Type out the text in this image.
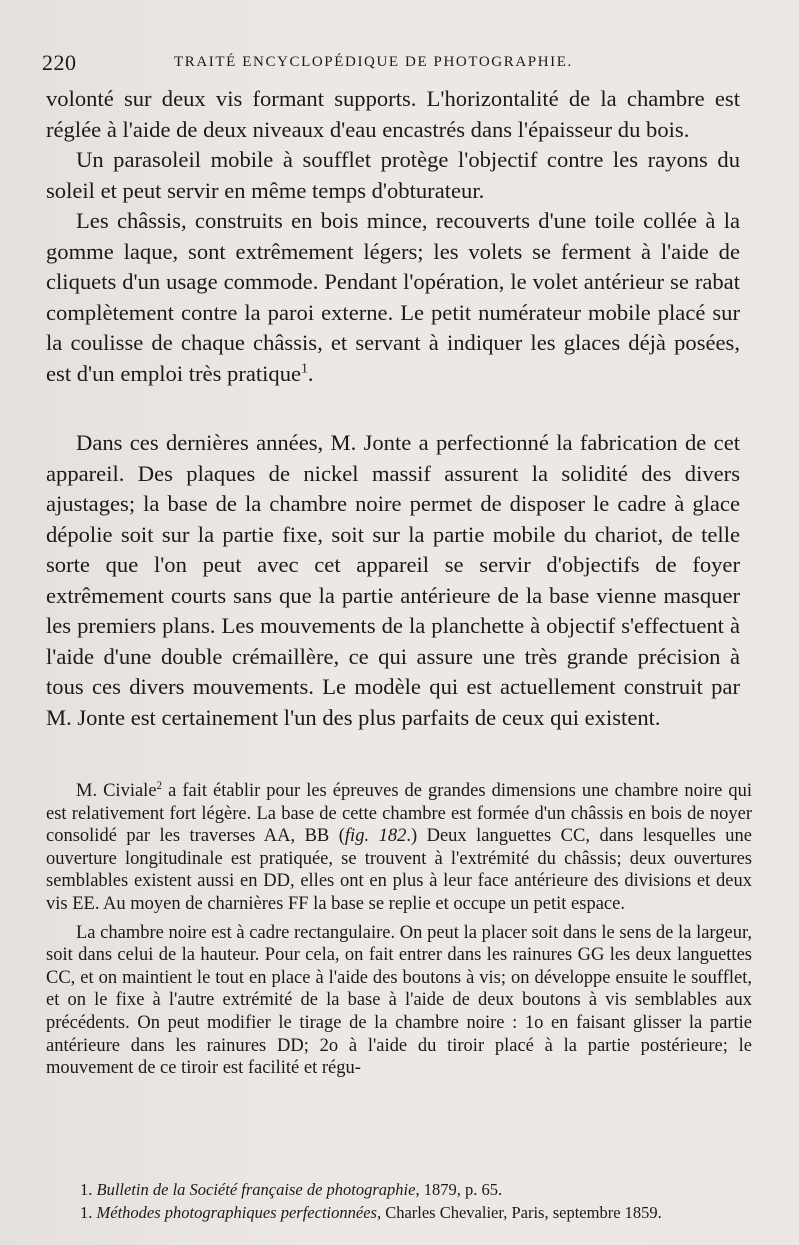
220	TRAITÉ ENCYCLOPÉDIQUE DE PHOTOGRAPHIE.

volonté sur deux vis formant supports. L'horizontalité de la chambre est réglée à l'aide de deux niveaux d'eau encastrés dans l'épaisseur du bois.

Un parasoleil mobile à soufflet protège l'objectif contre les rayons du soleil et peut servir en même temps d'obturateur.

Les châssis, construits en bois mince, recouverts d'une toile collée à la gomme laque, sont extrêmement légers; les volets se ferment à l'aide de cliquets d'un usage commode. Pendant l'opération, le volet antérieur se rabat complètement contre la paroi externe. Le petit numérateur mobile placé sur la coulisse de chaque châssis, et servant à indiquer les glaces déjà posées, est d'un emploi très pratique$^1$.

Dans ces dernières années, M. Jonte a perfectionné la fabrication de cet appareil. Des plaques de nickel massif assurent la solidité des divers ajustages; la base de la chambre noire permet de disposer le cadre à glace dépolie soit sur la partie fixe, soit sur la partie mobile du chariot, de telle sorte que l'on peut avec cet appareil se servir d'objectifs de foyer extrêmement courts sans que la partie antérieure de la base vienne masquer les premiers plans. Les mouvements de la planchette à objectif s'effectuent à l'aide d'une double crémaillère, ce qui assure une très grande précision à tous ces divers mouvements. Le modèle qui est actuellement construit par M. Jonte est certainement l'un des plus parfaits de ceux qui existent.

M. Civiale$^2$ a fait établir pour les épreuves de grandes dimensions une chambre noire qui est relativement fort légère. La base de cette chambre est formée d'un châssis en bois de noyer consolidé par les traverses AA, BB (fig. 182.) Deux languettes CC, dans lesquelles une ouverture longitudinale est pratiquée, se trouvent à l'extrémité du châssis; deux ouvertures semblables existent aussi en DD, elles ont en plus à leur face antérieure des divisions et deux vis EE. Au moyen de charnières FF la base se replie et occupe un petit espace.

La chambre noire est à cadre rectangulaire. On peut la placer soit dans le sens de la largeur, soit dans celui de la hauteur. Pour cela, on fait entrer dans les rainures GG les deux languettes CC, et on maintient le tout en place à l'aide des boutons à vis; on développe ensuite le soufflet, et on le fixe à l'autre extrémité de la base à l'aide de deux boutons à vis semblables aux précédents. On peut modifier le tirage de la chambre noire : 1o en faisant glisser la partie antérieure dans les rainures DD; 2o à l'aide du tiroir placé à la partie postérieure; le mouvement de ce tiroir est facilité et régu-

1. Bulletin de la Société française de photographie, 1879, p. 65.
1. Méthodes photographiques perfectionnées, Charles Chevalier, Paris, septembre 1859.
